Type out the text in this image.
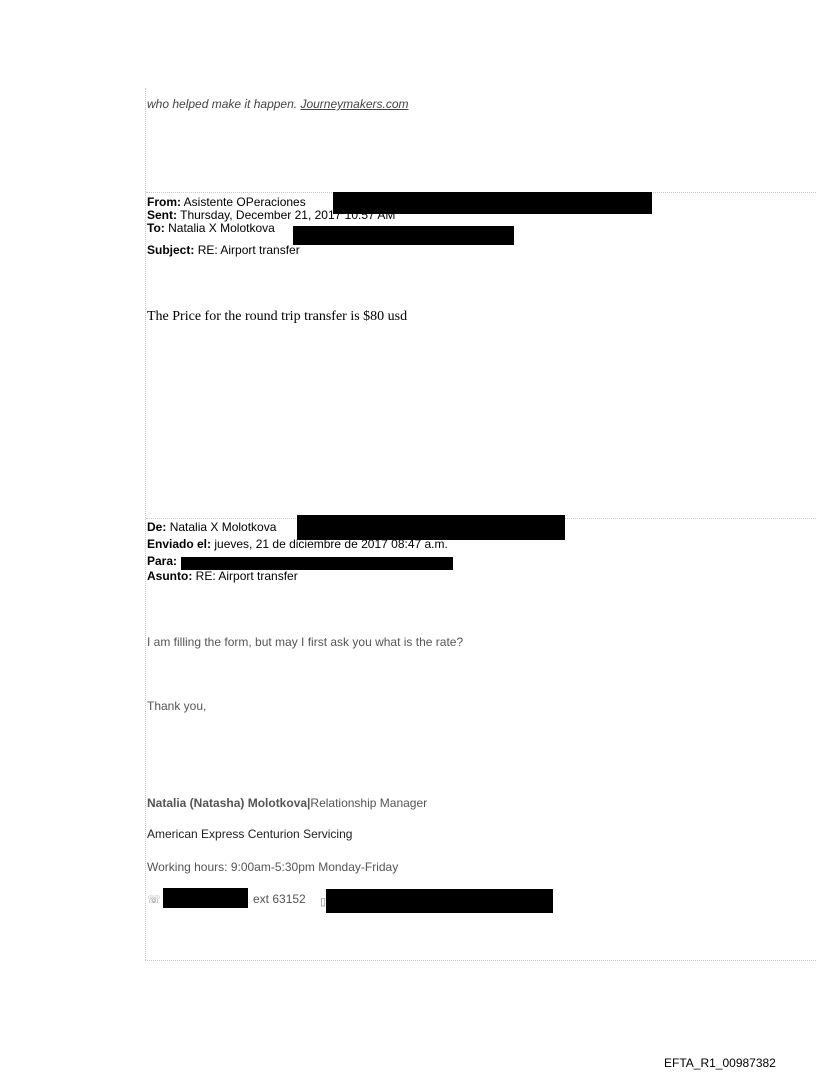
who helped make it happen. Journeymakers.com
From: Asistente OPeraciones
Sent: Thursday, December 21, 2017 10:57 AM
To: Natalia X Molotkova
Subject: RE: Airport transfer
The Price for the round trip transfer is $80 usd
De: Natalia X Molotkova
Enviado el: jueves, 21 de diciembre de 2017 08:47 a.m.
Para:
Asunto: RE: Airport transfer
I am filling the form, but may I first ask you what is the rate?
Thank you,
Natalia (Natasha) Molotkova|Relationship Manager
American Express Centurion Servicing
Working hours: 9:00am-5:30pm Monday-Friday
☏	ext 63152 ▯
EFTA_R1_00987382
